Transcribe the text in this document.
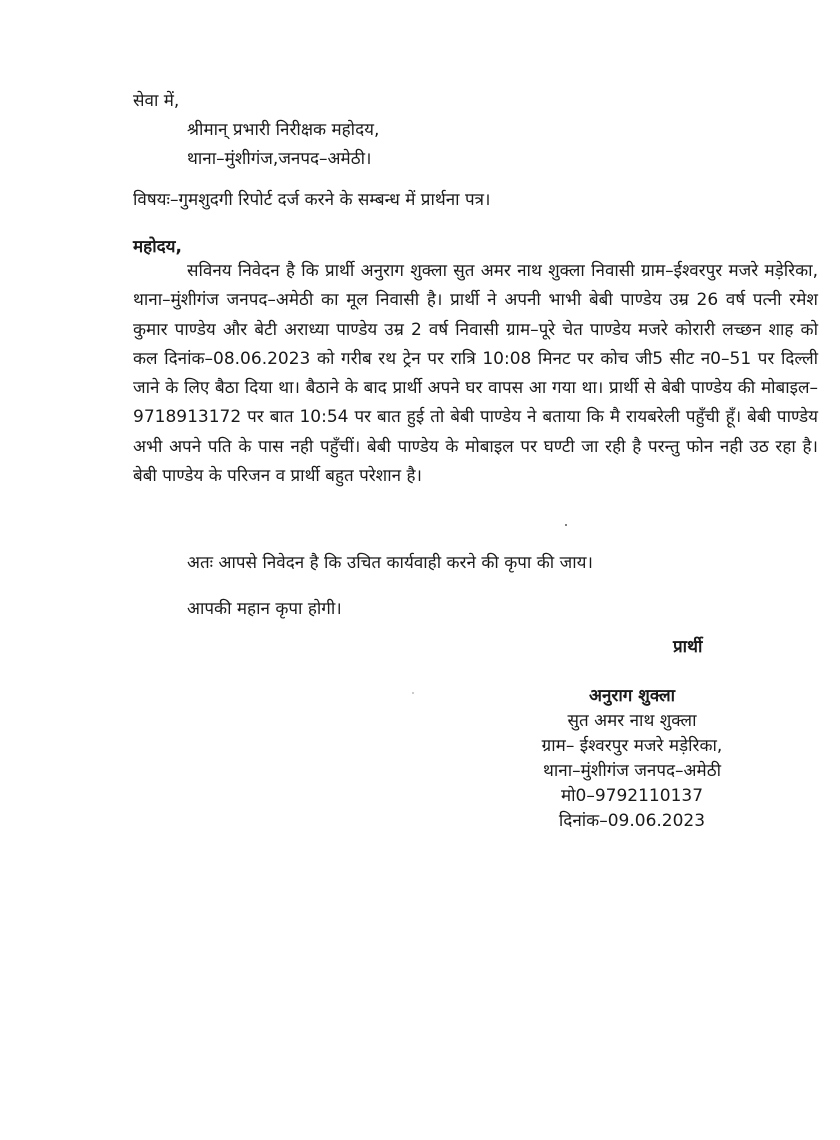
सेवा में,
श्रीमान् प्रभारी निरीक्षक महोदय,
थाना–मुंशीगंज,जनपद–अमेठी।
विषयः–गुमशुदगी रिपोर्ट दर्ज करने के सम्बन्ध में प्रार्थना पत्र।
महोदय,
सविनय निवेदन है कि प्रार्थी अनुराग शुक्ला सुत अमर नाथ शुक्ला निवासी ग्राम–ईश्वरपुर मजरे मड़ेरिका, थाना–मुंशीगंज जनपद–अमेठी का मूल निवासी है। प्रार्थी ने अपनी भाभी बेबी पाण्डेय उम्र 26 वर्ष पत्नी रमेश कुमार पाण्डेय और बेटी अराध्या पाण्डेय उम्र 2 वर्ष निवासी ग्राम–पूरे चेत पाण्डेय मजरे कोरारी लच्छन शाह को कल दिनांक–08.06.2023 को गरीब रथ ट्रेन पर रात्रि 10:08 मिनट पर कोच जी5 सीट न0–51 पर दिल्ली जाने के लिए बैठा दिया था। बैठाने के बाद प्रार्थी अपने घर वापस आ गया था। प्रार्थी से बेबी पाण्डेय की मोबाइल–9718913172 पर बात 10:54 पर बात हुई तो बेबी पाण्डेय ने बताया कि मै रायबरेली पहुँची हूँ। बेबी पाण्डेय अभी अपने पति के पास नही पहुँचीं। बेबी पाण्डेय के मोबाइल पर घण्टी जा रही है परन्तु फोन नही उठ रहा है। बेबी पाण्डेय के परिजन व प्रार्थी बहुत परेशान है।
अतः आपसे निवेदन है कि उचित कार्यवाही करने की कृपा की जाय।
आपकी महान कृपा होगी।
प्रार्थी
अनुराग शुक्ला
सुत अमर नाथ शुक्ला
ग्राम– ईश्वरपुर मजरे मड़ेरिका,
थाना–मुंशीगंज जनपद–अमेठी
मो0–9792110137
दिनांक–09.06.2023
